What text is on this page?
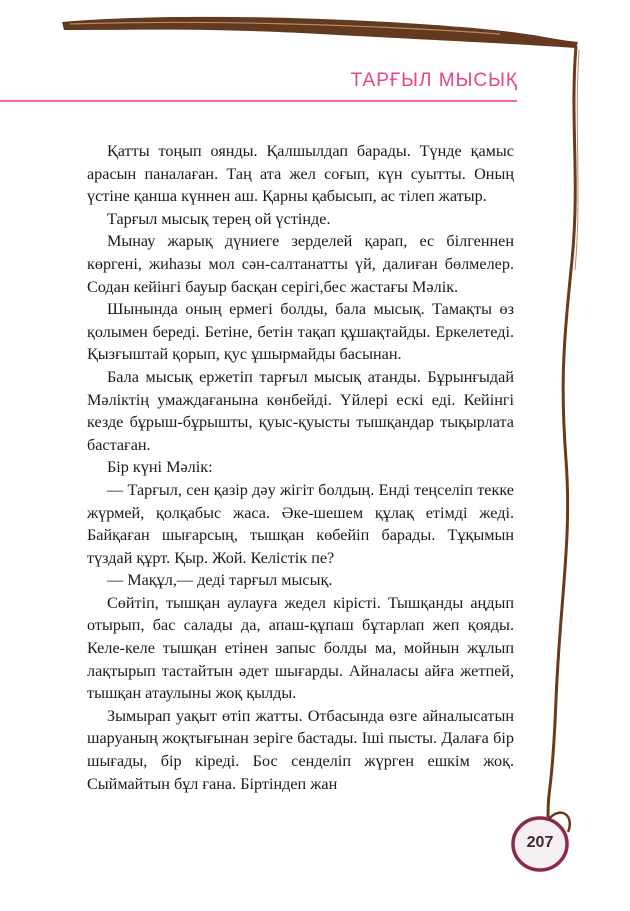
ТАРҒЫЛ МЫСЫҚ

Қатты тоңып оянды. Қалшылдап барады. Түнде қамыс арасын паналаған. Таң ата жел соғып, күн суытты. Оның үстіне қанша күннен аш. Қарны қабысып, ас тілеп жатыр.

Тарғыл мысық терең ой үстінде.

Мынау жарық дүниеге зерделей қарап, ес білгеннен көргені, жиһазы мол сән-салтанатты үй, далиған бөлмелер. Содан кейінгі бауыр басқан серігі,бес жастағы Мәлік.

Шынында оның ермегі болды, бала мысық. Тамақты өз қолымен береді. Бетіне, бетін тақап құшақтайды. Еркелетеді. Қызғыштай қорып, қус ұшырмайды басынан.

Бала мысық ержетіп тарғыл мысық атанды. Бұрынғыдай Мәліктің умаждағанына көнбейді. Үйлері ескі еді. Кейінгі кезде бұрыш-бұрышты, қуыс-қуысты тышқандар тықырлата бастаған.

Бір күні Мәлік:

— Тарғыл, сен қазір дәу жігіт болдың. Енді теңселіп текке жүрмей, қолқабыс жаса. Әке-шешем құлақ етімді жеді. Байқаған шығарсың, тышқан көбейіп барады. Тұқымын түздай құрт. Қыр. Жой. Келістік пе?

— Мақұл,— деді тарғыл мысық.

Сөйтіп, тышқан аулауға жедел кірісті. Тышқанды аңдып отырып, бас салады да, апаш-құпаш бұтарлап жеп қояды. Келе-келе тышқан етінен запыс болды ма, мойнын жұлып лақтырып тастайтын әдет шығарды. Айналасы айға жетпей, тышқан атаулыны жоқ қылды.

Зымырап уақыт өтіп жатты. Отбасында өзге айналысатын шаруаның жоқтығынан зеріге бастады. Іші пысты. Далаға бір шығады, бір кіреді. Бос сенделіп жүрген ешкім жоқ. Сыймайтын бұл ғана. Біртіндеп жан

207
